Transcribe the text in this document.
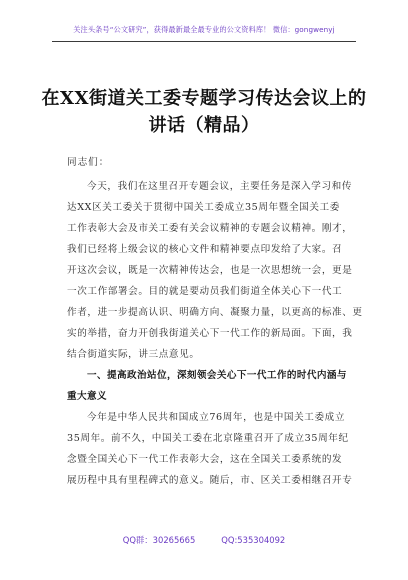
关注头条号“公文研究”，获得最新最全最专业的公文资料库！ 微信：gongwenyj
在XX街道关工委专题学习传达会议上的
讲话（精品）
同志们：
今天，我们在这里召开专题会议，主要任务是深入学习和传
达XX区关工委关于贯彻中国关工委成立35周年暨全国关工委
工作表彰大会及市关工委有关会议精神的专题会议精神。刚才，
我们已经将上级会议的核心文件和精神要点印发给了大家。召
开这次会议，既是一次精神传达会，也是一次思想统一会，更是
一次工作部署会。目的就是要动员我们街道全体关心下一代工
作者，进一步提高认识、明确方向、凝聚力量，以更高的标准、更
实的举措，奋力开创我街道关心下一代工作的新局面。下面，我
结合街道实际，讲三点意见。
一、提高政治站位，深刻领会关心下一代工作的时代内涵与
重大意义
今年是中华人民共和国成立76周年，也是中国关工委成立
35周年。前不久，中国关工委在北京隆重召开了成立35周年纪
念暨全国关心下一代工作表彰大会，这在全国关工委系统的发
展历程中具有里程碑式的意义。随后，市、区关工委相继召开专
QQ群：30265665	QQ:535304092
